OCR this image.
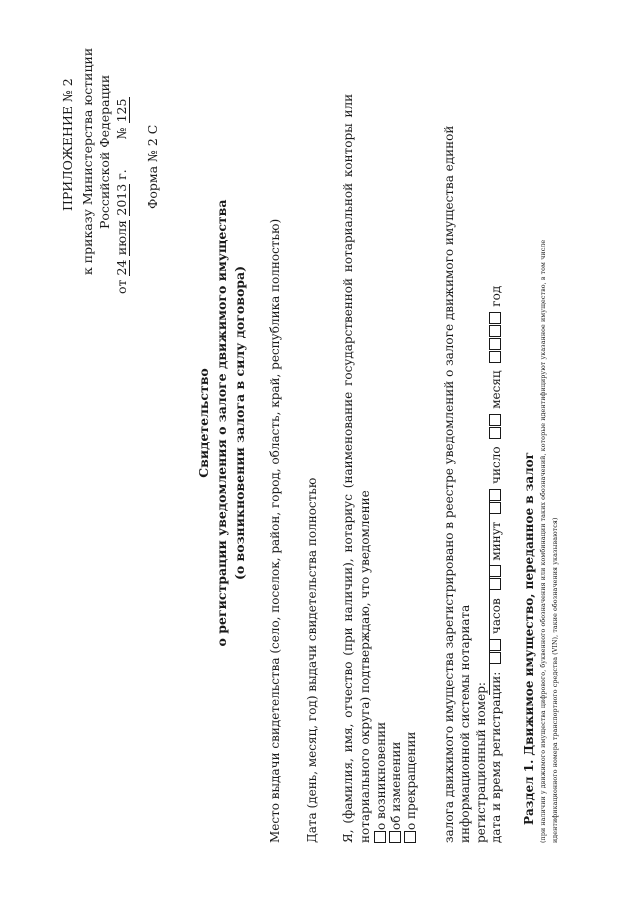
ПРИЛОЖЕНИЕ № 2 к приказу Министерства юстиции Российской Федерации
от 24 июля 2013 г.  № 125
Форма № 2 С
Свидетельство о регистрации уведомления о залоге движимого имущества (о возникновении залога в силу договора) Место выдачи свидетельства (село, поселок, район, город, область, край, республика полностью) Дата (день, месяц, год) выдачи свидетельства полностью Я, (фамилия, имя, отчество (при наличии), нотариус (наименование государственной нотариальной конторы или нотариального округа) подтверждаю, что уведомление о возникновении об изменении о прекращении залога движимого имущества зарегистрировано в реестре уведомлений о залоге движимого имущества единой информационной системы нотариата регистрационный номер: дата и время регистрации:  часов  минут  число  месяц  год
Раздел 1. Движимое имущество, переданное в залог (при наличии у движимого имущества цифрового, буквенного обозначения или комбинации таких обозначений, которые идентифицируют указанное имущество, в том числе идентификационного номера транспортного средства (VIN), такие обозначения указываются)
